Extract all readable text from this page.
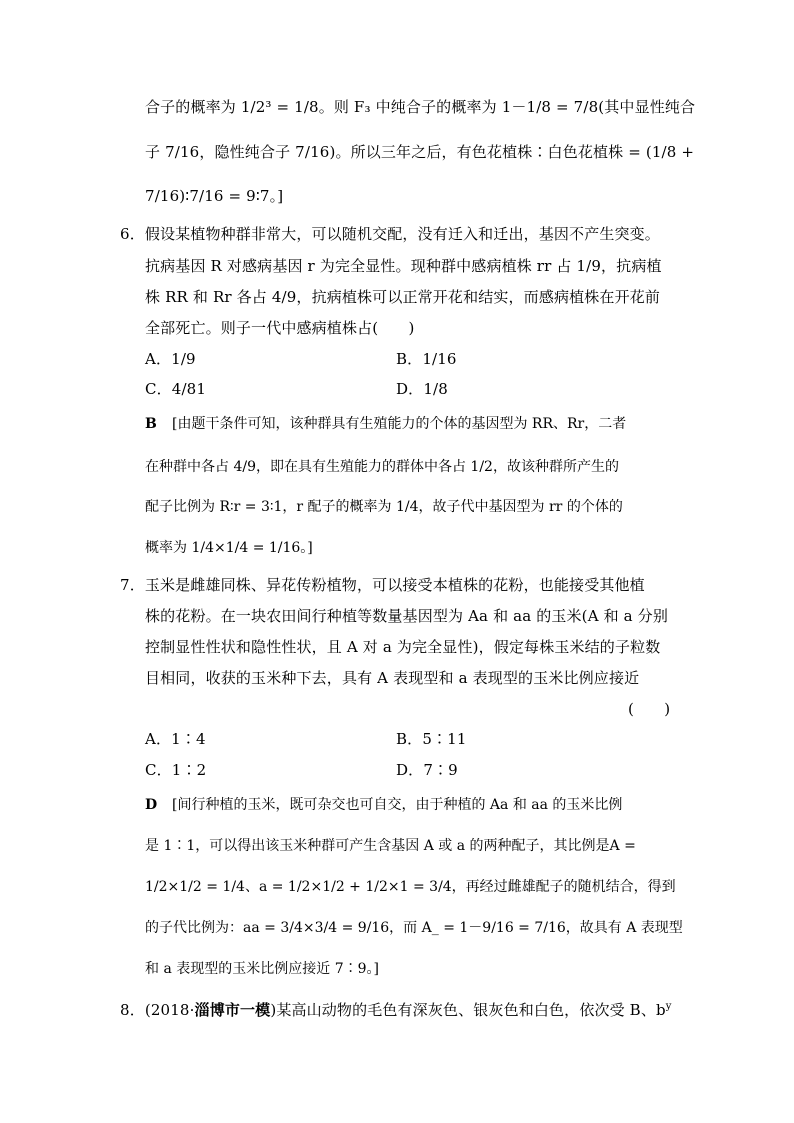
合子的概率为 1/2³ = 1/8。则 F₃ 中纯合子的概率为 1－1/8 = 7/8(其中显性纯合
子 7/16，隐性纯合子 7/16)。所以三年之后，有色花植株∶白色花植株 = (1/8 +
7/16)∶7/16 = 9∶7。]
6．假设某植物种群非常大，可以随机交配，没有迁入和迁出，基因不产生突变。
抗病基因 R 对感病基因 r 为完全显性。现种群中感病植株 rr 占 1/9，抗病植
株 RR 和 Rr 各占 4/9，抗病植株可以正常开花和结实，而感病植株在开花前
全部死亡。则子一代中感病植株占(　　)
A．1/9	B．1/16
C．4/81	D．1/8
B [由题干条件可知，该种群具有生殖能力的个体的基因型为 RR、Rr，二者
在种群中各占 4/9，即在具有生殖能力的群体中各占 1/2，故该种群所产生的
配子比例为 R∶r = 3∶1，r 配子的概率为 1/4，故子代中基因型为 rr 的个体的
概率为 1/4×1/4 = 1/16。]
7．玉米是雌雄同株、异花传粉植物，可以接受本植株的花粉，也能接受其他植
株的花粉。在一块农田间行种植等数量基因型为 Aa 和 aa 的玉米(A 和 a 分别
控制显性性状和隐性性状，且 A 对 a 为完全显性)，假定每株玉米结的子粒数
目相同，收获的玉米种下去，具有 A 表现型和 a 表现型的玉米比例应接近
(　　)
A．1∶4	B．5∶11
C．1∶2	D．7∶9
D [间行种植的玉米，既可杂交也可自交，由于种植的 Aa 和 aa 的玉米比例
是 1∶1，可以得出该玉米种群可产生含基因 A 或 a 的两种配子，其比例是A =
1/2×1/2 = 1/4、a = 1/2×1/2 + 1/2×1 = 3/4，再经过雌雄配子的随机结合，得到
的子代比例为：aa = 3/4×3/4 = 9/16，而 A_ = 1－9/16 = 7/16，故具有 A 表现型
和 a 表现型的玉米比例应接近 7∶9。]
8．(2018·淄博市一模)某高山动物的毛色有深灰色、银灰色和白色，依次受 B、$b^y$
